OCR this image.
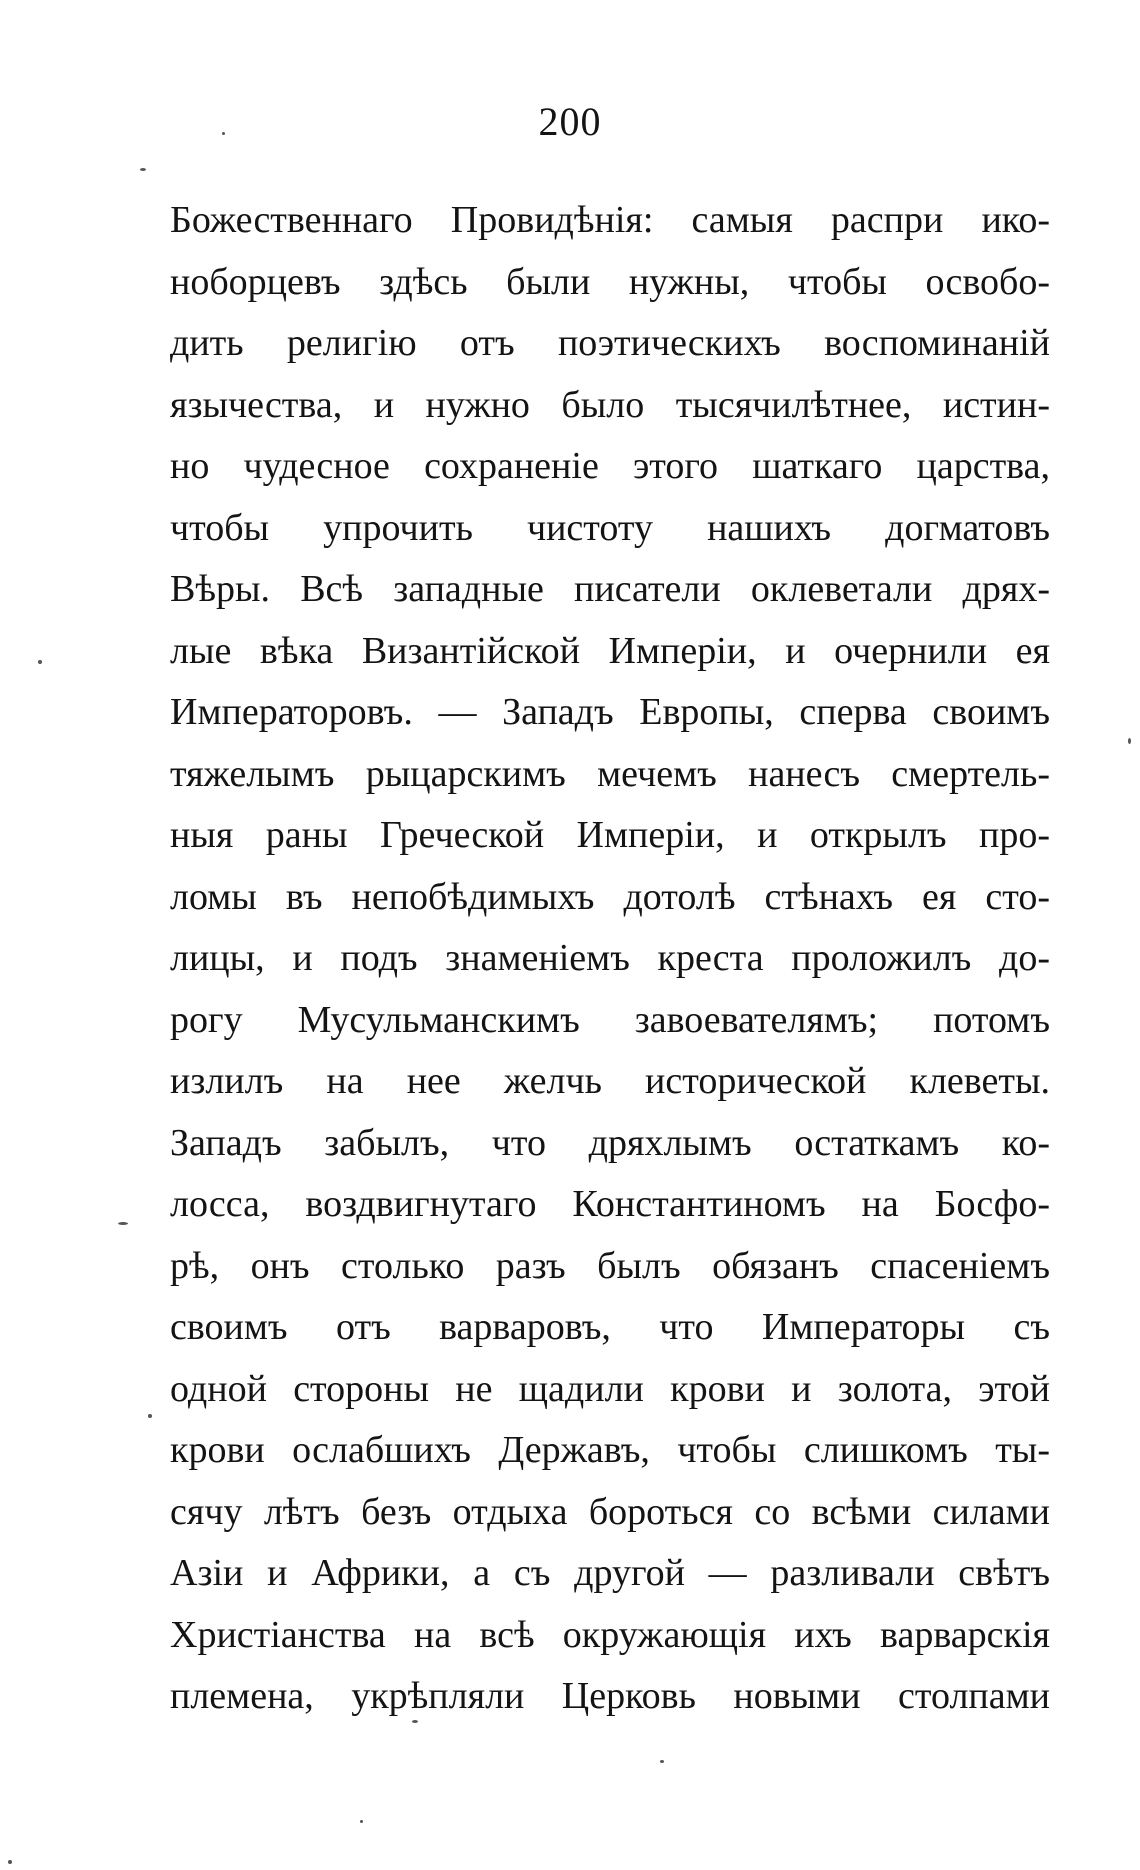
200
Божественнаго Провидѣнія: самыя распри ико-
ноборцевъ здѣсь были нужны, чтобы освобо-
дить религію отъ поэтическихъ воспоминаній
язычества, и нужно было тысячилѣтнее, истин-
но чудесное сохраненіе этого шаткаго царства,
чтобы упрочить чистоту нашихъ догматовъ
Вѣры. Всѣ западные писатели оклеветали дрях-
лые вѣка Византійской Имперіи, и очернили ея
Императоровъ. — Западъ Европы, сперва своимъ
тяжелымъ рыцарскимъ мечемъ нанесъ смертель-
ныя раны Греческой Имперіи, и открылъ про-
ломы въ непобѣдимыхъ дотолѣ стѣнахъ ея сто-
лицы, и подъ знаменіемъ креста проложилъ до-
рогу Мусульманскимъ завоевателямъ; потомъ
излилъ на нее желчь исторической клеветы.
Западъ забылъ, что дряхлымъ остаткамъ ко-
лосса, воздвигнутаго Константиномъ на Босфо-
рѣ, онъ столько разъ былъ обязанъ спасеніемъ
своимъ отъ варваровъ, что Императоры съ
одной стороны не щадили крови и золота, этой
крови ослабшихъ Державъ, чтобы слишкомъ ты-
сячу лѣтъ безъ отдыха бороться со всѣми силами
Азіи и Африки, а съ другой — разливали свѣтъ
Христіанства на всѣ окружающія ихъ варварскія
племена, укрѣпляли Церковь новыми столпами
